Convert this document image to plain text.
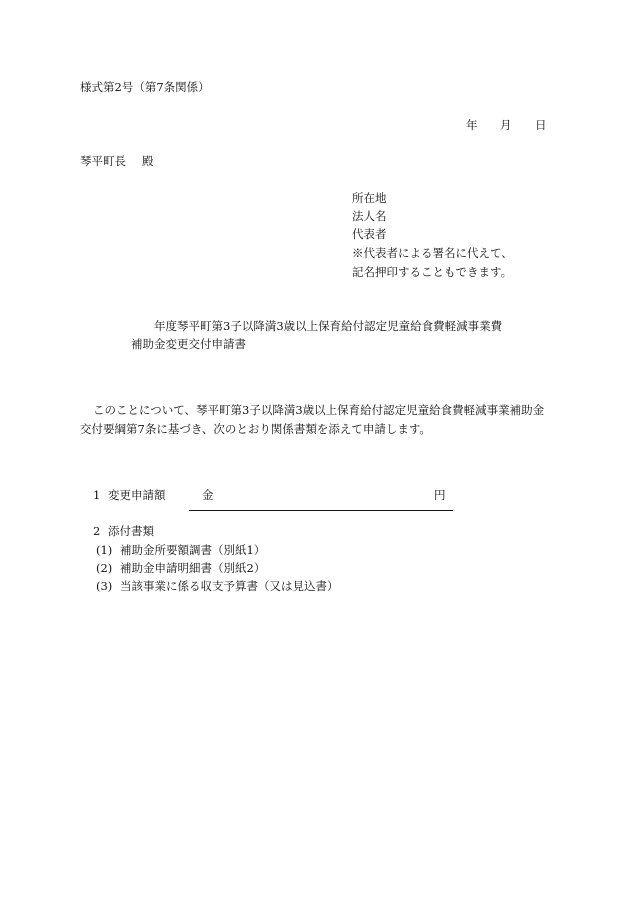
様式第2号（第7条関係）
年 月 日
琴平町長 殿
所在地
法人名
代表者
※代表者による署名に代えて、
記名押印することもできます。
年度琴平町第3子以降満3歳以上保育給付認定児童給食費軽減事業費
補助金変更交付申請書
このことについて、琴平町第3子以降満3歳以上保育給付認定児童給食費軽減事業補助金
交付要綱第7条に基づき、次のとおり関係書類を添えて申請します。
1 変更申請額	金	円
2 添付書類
(1) 補助金所要額調書（別紙1）
(2) 補助金申請明細書（別紙2）
(3) 当該事業に係る収支予算書（又は見込書）
